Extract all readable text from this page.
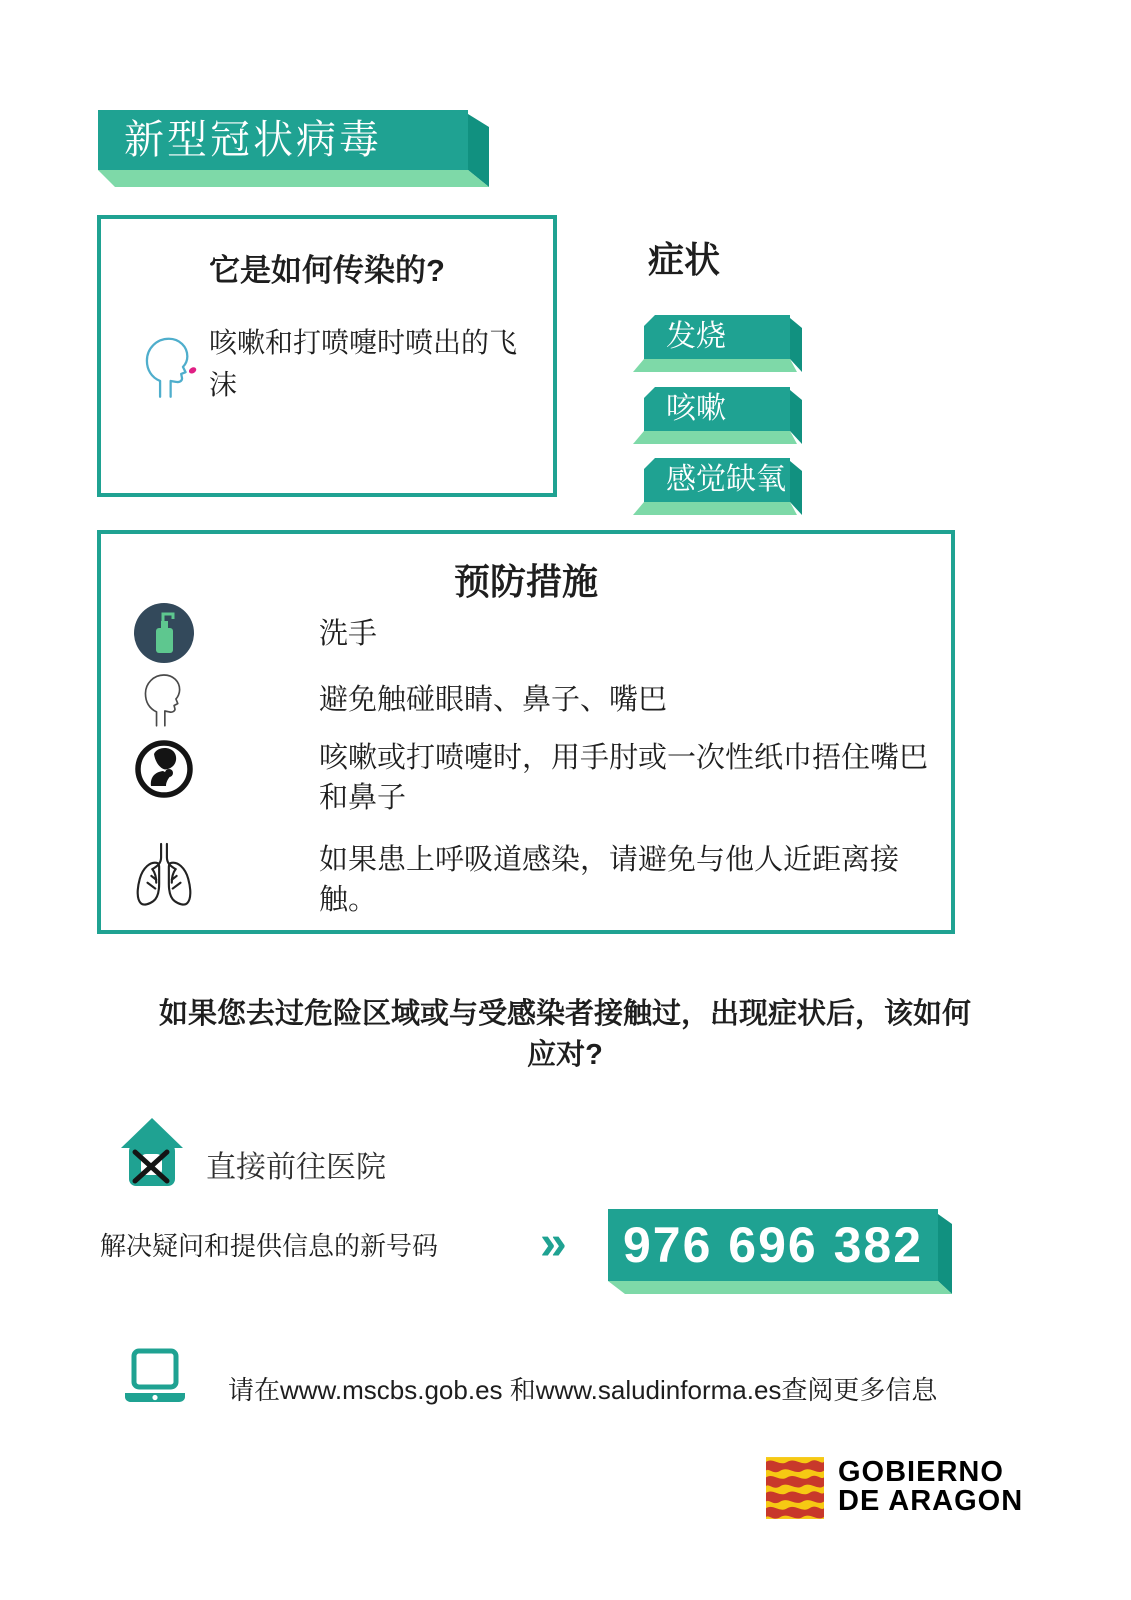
新型冠状病毒
它是如何传染的?
咳嗽和打喷嚏时喷出的飞沫
症状
发烧
咳嗽
感觉缺氧
预防措施
洗手
避免触碰眼睛、鼻子、嘴巴
咳嗽或打喷嚏时，用手肘或一次性纸巾捂住嘴巴和鼻子
如果患上呼吸道感染，请避免与他人近距离接触。
如果您去过危险区域或与受感染者接触过，出现症状后，该如何
应对?
直接前往医院
解决疑问和提供信息的新号码 » 976 696 382
请在www.mscbs.gob.es 和www.saludinforma.es查阅更多信息
GOBIERNO
DE ARAGON
